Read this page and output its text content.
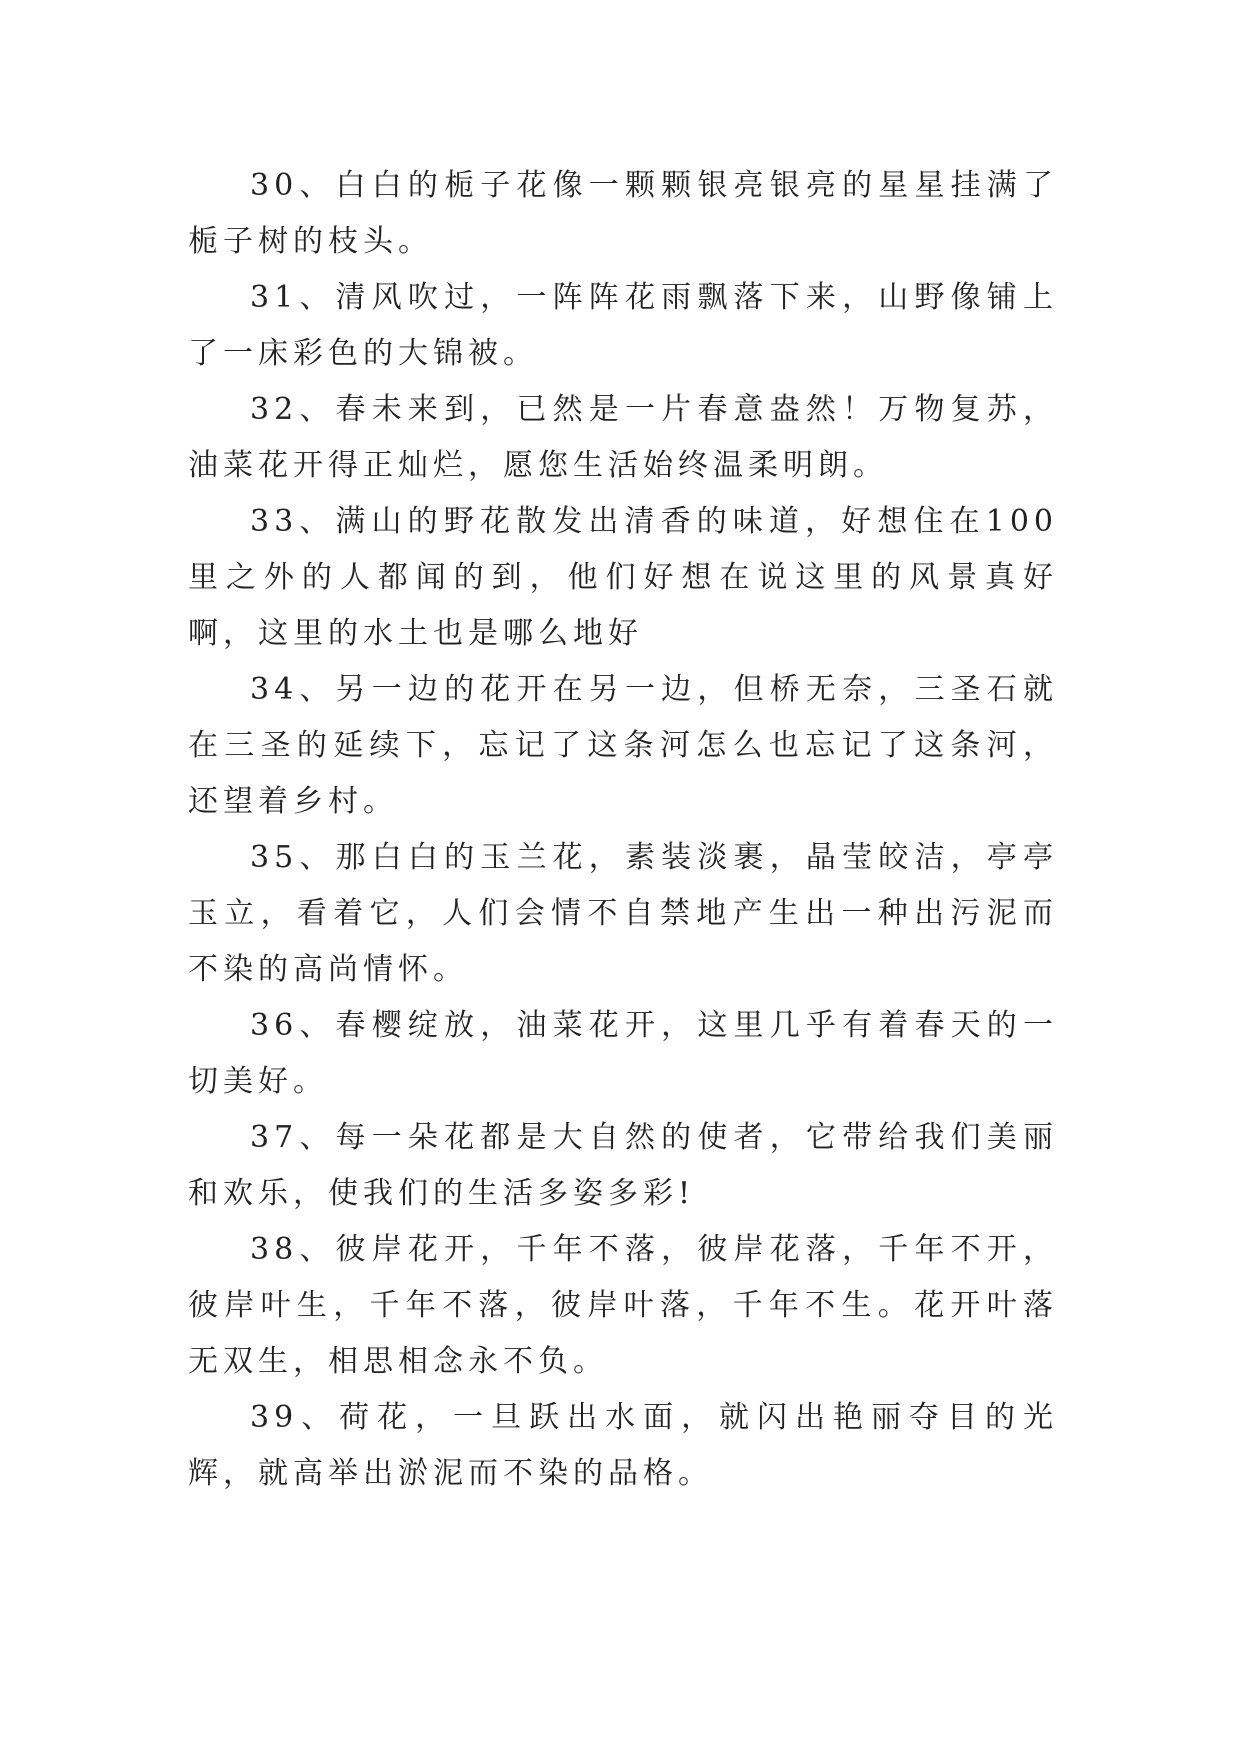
30、白白的栀子花像一颗颗银亮银亮的星星挂满了栀子树的枝头。

31、清风吹过，一阵阵花雨飘落下来，山野像铺上了一床彩色的大锦被。

32、春未来到，已然是一片春意盎然！万物复苏，油菜花开得正灿烂，愿您生活始终温柔明朗。

33、满山的野花散发出清香的味道，好想住在100里之外的人都闻的到，他们好想在说这里的风景真好啊，这里的水土也是哪么地好

34、另一边的花开在另一边，但桥无奈，三圣石就在三圣的延续下，忘记了这条河怎么也忘记了这条河，还望着乡村。

35、那白白的玉兰花，素装淡裹，晶莹皎洁，亭亭玉立，看着它，人们会情不自禁地产生出一种出污泥而不染的高尚情怀。

36、春樱绽放，油菜花开，这里几乎有着春天的一切美好。

37、每一朵花都是大自然的使者，它带给我们美丽和欢乐，使我们的生活多姿多彩!

38、彼岸花开，千年不落，彼岸花落，千年不开，彼岸叶生，千年不落，彼岸叶落，千年不生。花开叶落无双生，相思相念永不负。

39、荷花，一旦跃出水面，就闪出艳丽夺目的光辉，就高举出淤泥而不染的品格。
